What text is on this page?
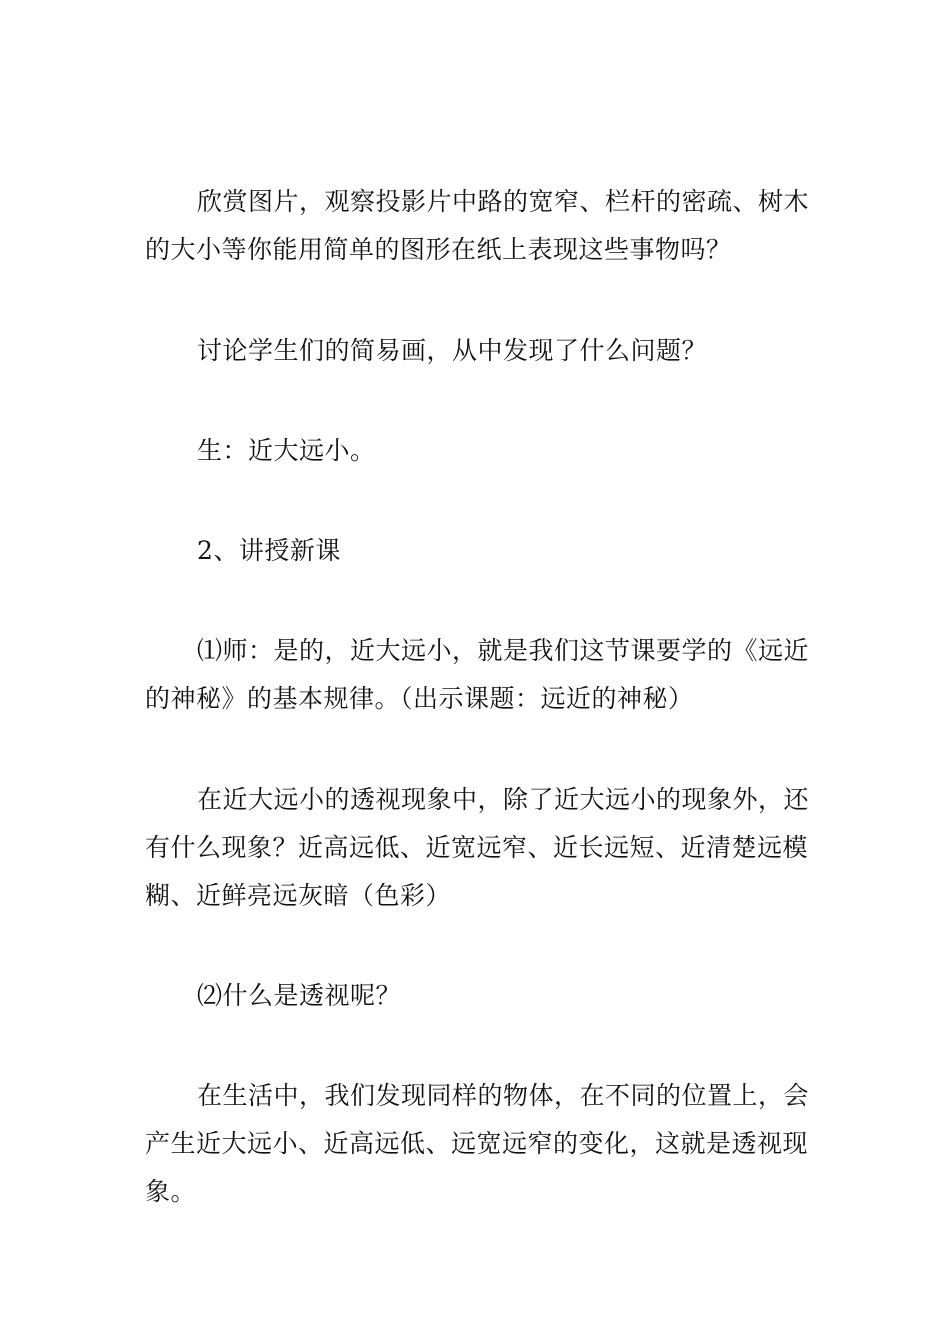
欣赏图片，观察投影片中路的宽窄、栏杆的密疏、树木的大小等你能用简单的图形在纸上表现这些事物吗？

讨论学生们的简易画，从中发现了什么问题？

生：近大远小。

2、讲授新课

⑴师：是的，近大远小，就是我们这节课要学的《远近的神秘》的基本规律。（出示课题：远近的神秘）

在近大远小的透视现象中，除了近大远小的现象外，还有什么现象？近高远低、近宽远窄、近长远短、近清楚远模糊、近鲜亮远灰暗（色彩）

⑵什么是透视呢？

在生活中，我们发现同样的物体，在不同的位置上，会产生近大远小、近高远低、远宽远窄的变化，这就是透视现象。
